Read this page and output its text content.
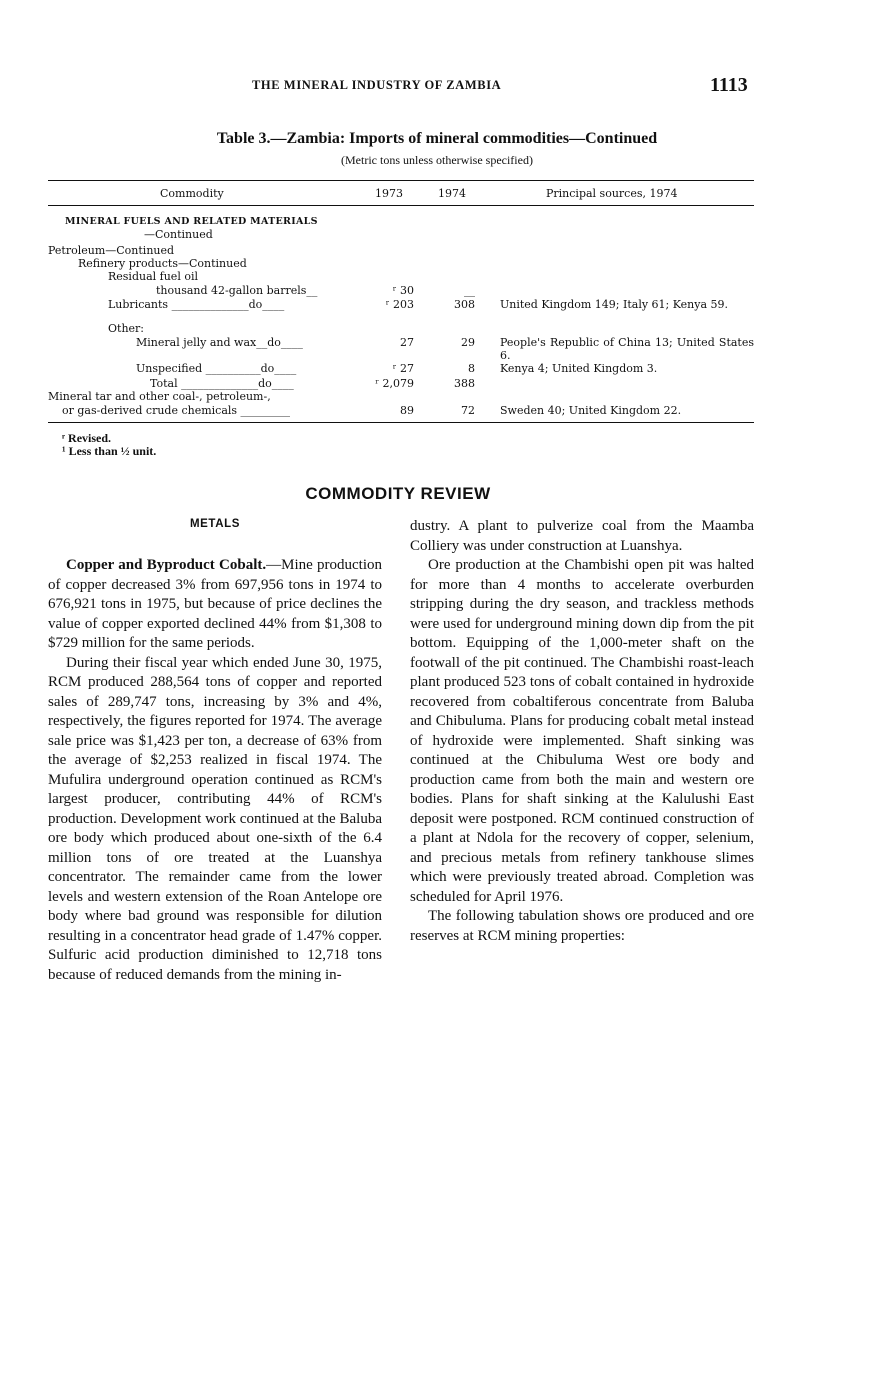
THE MINERAL INDUSTRY OF ZAMBIA	1113
Table 3.—Zambia: Imports of mineral commodities—Continued
(Metric tons unless otherwise specified)
Commodity	1973	1974	Principal sources, 1974
MINERAL FUELS AND RELATED MATERIALS
—Continued
Petroleum—Continued
Refinery products—Continued
Residual fuel oil
thousand 42-gallon barrels__	ʳ 30	__
Lubricants ______________do____	ʳ 203	308 United Kingdom 149; Italy 61; Kenya 59.
Other:
Mineral jelly and wax__do____	27	29 People's Republic of China 13; United States 6.
Unspecified __________do____	ʳ 27	8 Kenya 4; United Kingdom 3.
Total ______________do____	ʳ 2,079	388
Mineral tar and other coal-, petroleum-,
or gas-derived crude chemicals _________	89	72 Sweden 40; United Kingdom 22.
ʳ Revised.
¹ Less than ½ unit.
COMMODITY REVIEW
METALS

Copper and Byproduct Cobalt.—Mine production of copper decreased 3% from 697,956 tons in 1974 to 676,921 tons in 1975, but because of price declines the value of copper exported declined 44% from $1,308 to $729 million for the same periods.

During their fiscal year which ended June 30, 1975, RCM produced 288,564 tons of copper and reported sales of 289,747 tons, increasing by 3% and 4%, respectively, the figures reported for 1974. The average sale price was $1,423 per ton, a decrease of 63% from the average of $2,253 realized in fiscal 1974. The Mufulira underground operation continued as RCM's largest producer, contributing 44% of RCM's production. Development work continued at the Baluba ore body which produced about one-sixth of the 6.4 million tons of ore treated at the Luanshya concentrator. The remainder came from the lower levels and western extension of the Roan Antelope ore body where bad ground was responsible for dilution resulting in a concentrator head grade of 1.47% copper. Sulfuric acid production diminished to 12,718 tons because of reduced demands from the mining in-

dustry. A plant to pulverize coal from the Maamba Colliery was under construction at Luanshya.

Ore production at the Chambishi open pit was halted for more than 4 months to accelerate overburden stripping during the dry season, and trackless methods were used for underground mining down dip from the pit bottom. Equipping of the 1,000-meter shaft on the footwall of the pit continued. The Chambishi roast-leach plant produced 523 tons of cobalt contained in hydroxide recovered from cobaltiferous concentrate from Baluba and Chibuluma. Plans for producing cobalt metal instead of hydroxide were implemented. Shaft sinking was continued at the Chibuluma West ore body and production came from both the main and western ore bodies. Plans for shaft sinking at the Kalulushi East deposit were postponed. RCM continued construction of a plant at Ndola for the recovery of copper, selenium, and precious metals from refinery tankhouse slimes which were previously treated abroad. Completion was scheduled for April 1976.

The following tabulation shows ore produced and ore reserves at RCM mining properties:
